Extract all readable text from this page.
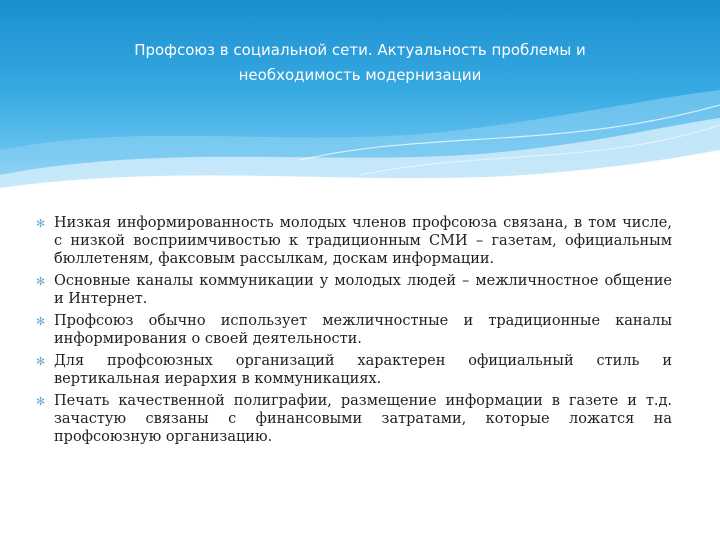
Профсоюз в социальной сети. Актуальность проблемы и
необходимость модернизации
✻ Низкая информированность молодых членов профсоюза связана, в том числе, с низкой восприимчивостью к традиционным СМИ – газетам, официальным бюллетеням, факсовым рассылкам, доскам информации.
✻ Основные каналы коммуникации у молодых людей – межличностное общение и Интернет.
✻ Профсоюз обычно использует межличностные и традиционные каналы информирования о своей деятельности.
✻ Для профсоюзных организаций характерен официальный стиль и вертикальная иерархия в коммуникациях.
✻ Печать качественной полиграфии, размещение информации в газете и т.д. зачастую связаны с финансовыми затратами, которые ложатся на профсоюзную организацию.
